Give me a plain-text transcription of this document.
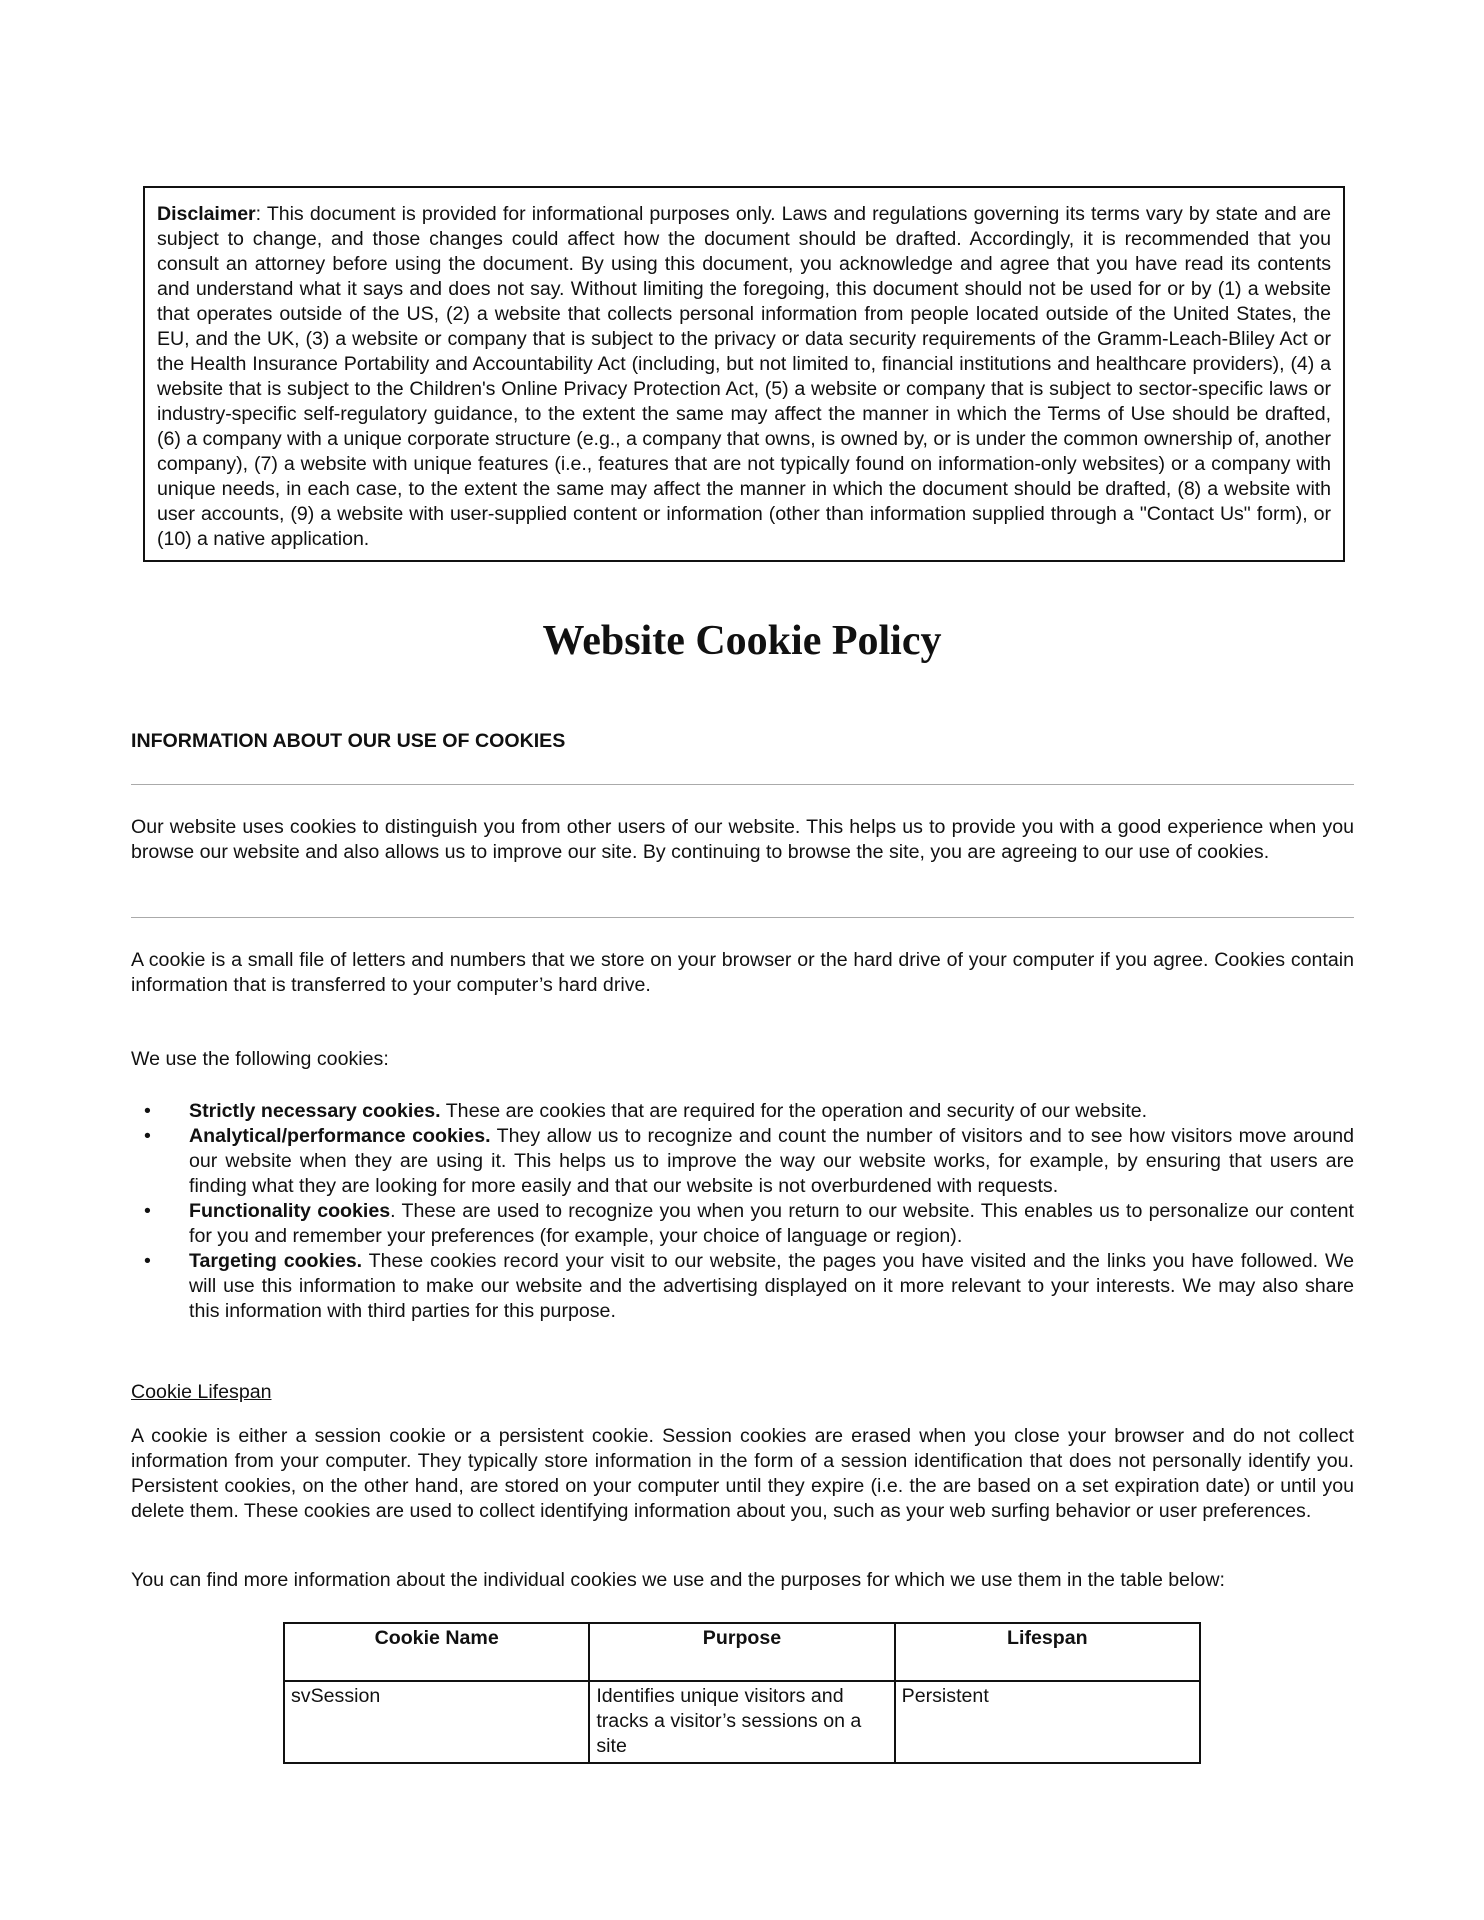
Disclaimer: This document is provided for informational purposes only. Laws and regulations governing its terms vary by state and are subject to change, and those changes could affect how the document should be drafted. Accordingly, it is recommended that you consult an attorney before using the document. By using this document, you acknowledge and agree that you have read its contents and understand what it says and does not say. Without limiting the foregoing, this document should not be used for or by (1) a website that operates outside of the US, (2) a website that collects personal information from people located outside of the United States, the EU, and the UK, (3) a website or company that is subject to the privacy or data security requirements of the Gramm-Leach-Bliley Act or the Health Insurance Portability and Accountability Act (including, but not limited to, financial institutions and healthcare providers), (4) a website that is subject to the Children's Online Privacy Protection Act, (5) a website or company that is subject to sector-specific laws or industry-specific self-regulatory guidance, to the extent the same may affect the manner in which the Terms of Use should be drafted, (6) a company with a unique corporate structure (e.g., a company that owns, is owned by, or is under the common ownership of, another company), (7) a website with unique features (i.e., features that are not typically found on information-only websites) or a company with unique needs, in each case, to the extent the same may affect the manner in which the document should be drafted, (8) a website with user accounts, (9) a website with user-supplied content or information (other than information supplied through a "Contact Us" form), or (10) a native application.
Website Cookie Policy
INFORMATION ABOUT OUR USE OF COOKIES

Our website uses cookies to distinguish you from other users of our website. This helps us to provide you with a good experience when you browse our website and also allows us to improve our site. By continuing to browse the site, you are agreeing to our use of cookies.

A cookie is a small file of letters and numbers that we store on your browser or the hard drive of your computer if you agree. Cookies contain information that is transferred to your computer’s hard drive.

We use the following cookies:

• Strictly necessary cookies. These are cookies that are required for the operation and security of our website.
• Analytical/performance cookies. They allow us to recognize and count the number of visitors and to see how visitors move around our website when they are using it. This helps us to improve the way our website works, for example, by ensuring that users are finding what they are looking for more easily and that our website is not overburdened with requests.
• Functionality cookies. These are used to recognize you when you return to our website. This enables us to personalize our content for you and remember your preferences (for example, your choice of language or region).
• Targeting cookies. These cookies record your visit to our website, the pages you have visited and the links you have followed. We will use this information to make our website and the advertising displayed on it more relevant to your interests. We may also share this information with third parties for this purpose.

Cookie Lifespan

A cookie is either a session cookie or a persistent cookie. Session cookies are erased when you close your browser and do not collect information from your computer. They typically store information in the form of a session identification that does not personally identify you. Persistent cookies, on the other hand, are stored on your computer until they expire (i.e. the are based on a set expiration date) or until you delete them. These cookies are used to collect identifying information about you, such as your web surfing behavior or user preferences.

You can find more information about the individual cookies we use and the purposes for which we use them in the table below:

Cookie Name	Purpose	Lifespan
svSession	Identifies unique visitors and tracks a visitor’s sessions on a site	Persistent
